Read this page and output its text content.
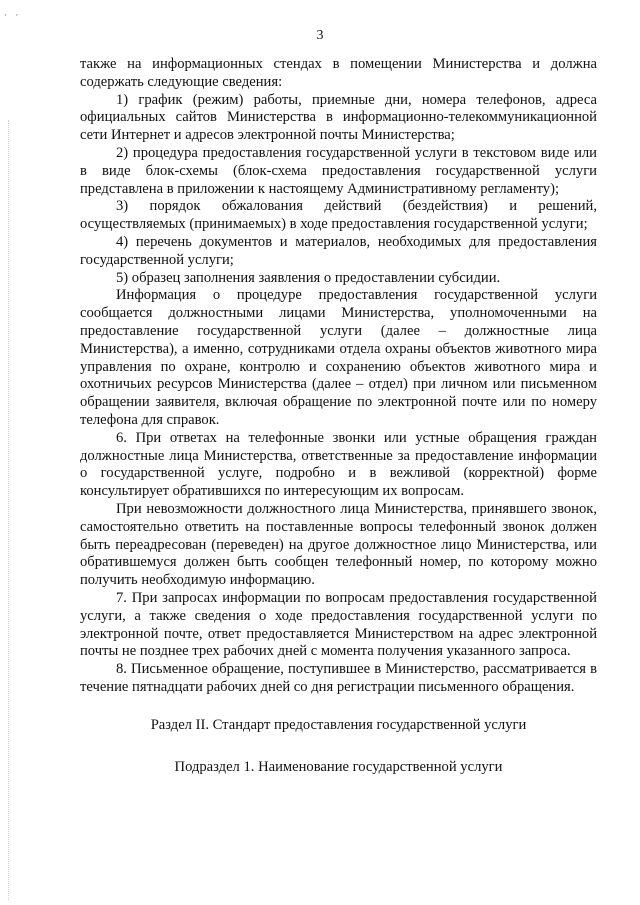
· ·
3

также на информационных стендах в помещении Министерства и должна содержать следующие сведения:

1) график (режим) работы, приемные дни, номера телефонов, адреса официальных сайтов Министерства в информационно-телекоммуникационной сети Интернет и адресов электронной почты Министерства;

2) процедура предоставления государственной услуги в текстовом виде или в виде блок-схемы (блок-схема предоставления государственной услуги представлена в приложении к настоящему Административному регламенту);

3) порядок обжалования действий (бездействия) и решений, осуществляемых (принимаемых) в ходе предоставления государственной услуги;

4) перечень документов и материалов, необходимых для предоставления государственной услуги;

5) образец заполнения заявления о предоставлении субсидии.

Информация о процедуре предоставления государственной услуги сообщается должностными лицами Министерства, уполномоченными на предоставление государственной услуги (далее – должностные лица Министерства), а именно, сотрудниками отдела охраны объектов животного мира управления по охране, контролю и сохранению объектов животного мира и охотничьих ресурсов Министерства (далее – отдел) при личном или письменном обращении заявителя, включая обращение по электронной почте или по номеру телефона для справок.

6. При ответах на телефонные звонки или устные обращения граждан должностные лица Министерства, ответственные за предоставление информации о государственной услуге, подробно и в вежливой (корректной) форме консультирует обратившихся по интересующим их вопросам.

При невозможности должностного лица Министерства, принявшего звонок, самостоятельно ответить на поставленные вопросы телефонный звонок должен быть переадресован (переведен) на другое должностное лицо Министерства, или обратившемуся должен быть сообщен телефонный номер, по которому можно получить необходимую информацию.

7. При запросах информации по вопросам предоставления государственной услуги, а также сведения о ходе предоставления государственной услуги по электронной почте, ответ предоставляется Министерством на адрес электронной почты не позднее трех рабочих дней с момента получения указанного запроса.

8. Письменное обращение, поступившее в Министерство, рассматривается в течение пятнадцати рабочих дней со дня регистрации письменного обращения.

Раздел II. Стандарт предоставления государственной услуги

Подраздел 1. Наименование государственной услуги
